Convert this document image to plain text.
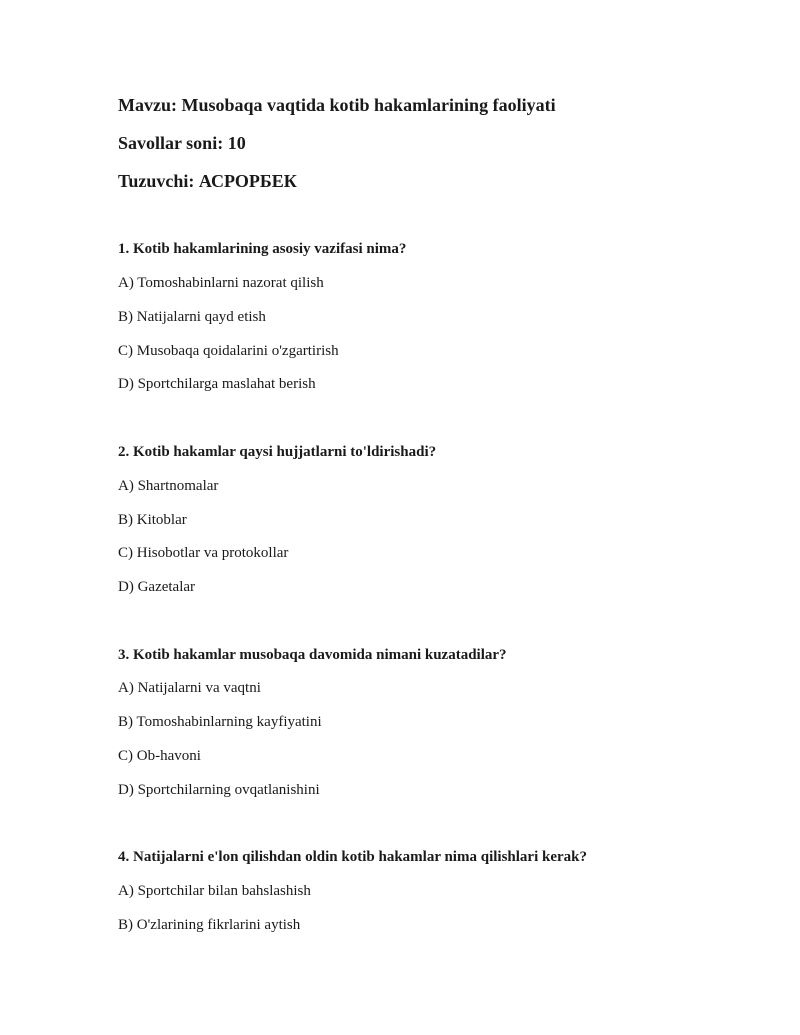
Mavzu: Musobaqa vaqtida kotib hakamlarining faoliyati
Savollar soni: 10
Tuzuvchi: АСРОРБЕК
1. Kotib hakamlarining asosiy vazifasi nima?
A) Tomoshabinlarni nazorat qilish
B) Natijalarni qayd etish
C) Musobaqa qoidalarini o'zgartirish
D) Sportchilarga maslahat berish
2. Kotib hakamlar qaysi hujjatlarni to'ldirishadi?
A) Shartnomalar
B) Kitoblar
C) Hisobotlar va protokollar
D) Gazetalar
3. Kotib hakamlar musobaqa davomida nimani kuzatadilar?
A) Natijalarni va vaqtni
B) Tomoshabinlarning kayfiyatini
C) Ob-havoni
D) Sportchilarning ovqatlanishini
4. Natijalarni e'lon qilishdan oldin kotib hakamlar nima qilishlari kerak?
A) Sportchilar bilan bahslashish
B) O'zlarining fikrlarini aytish
